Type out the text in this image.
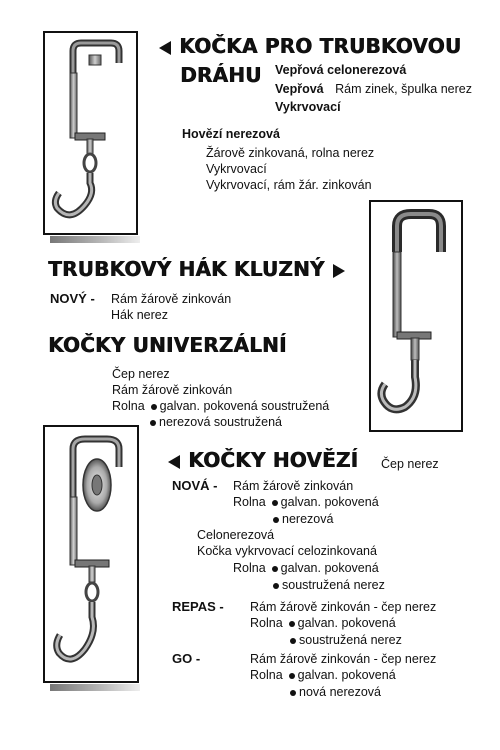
KOČKA PRO TRUBKOVOU
DRÁHU Vepřová celonerezová
Vepřová Rám zinek, špulka nerez
Vykrvovací
Hovězí nerezová
Žárově zinkovaná, rolna nerez
Vykrvovací
Vykrvovací, rám žár. zinkován
TRUBKOVÝ HÁK KLUZNÝ
NOVÝ - Rám žárově zinkován
Hák nerez
KOČKY UNIVERZÁLNÍ
Čep nerez
Rám žárově zinkován
Rolna galvan. pokovená soustružená
nerezová soustružená
KOČKY HOVĚZÍ Čep nerez
NOVÁ - Rám žárově zinkován
Rolna galvan. pokovená
nerezová
Celonerezová
Kočka vykrvovací celozinkovaná
Rolna galvan. pokovená
soustružená nerez
REPAS - Rám žárově zinkován - čep nerez
Rolna galvan. pokovená
soustružená nerez
GO -	Rám žárově zinkován - čep nerez
Rolna galvan. pokovená
nová nerezová
